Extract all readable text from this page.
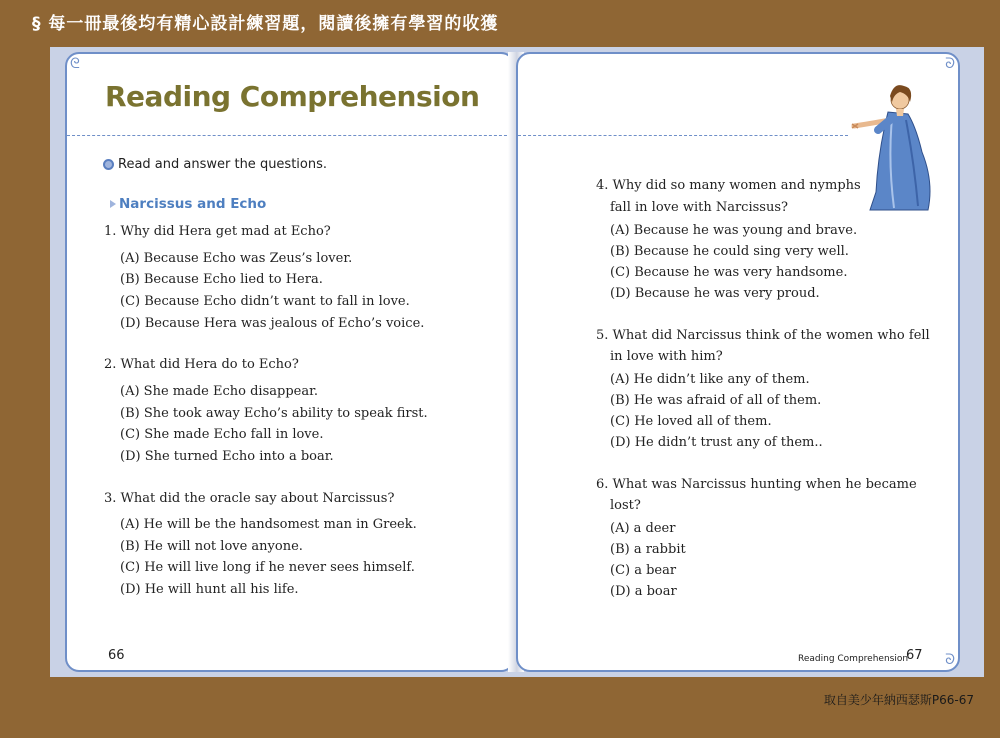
§ 每一冊最後均有精心設計練習題，閱讀後擁有學習的收獲
ᘓ
Reading Comprehension
Read and answer the questions.
Narcissus and Echo
1. Why did Hera get mad at Echo?
(A) Because Echo was Zeus’s lover.
(B) Because Echo lied to Hera.
(C) Because Echo didn’t want to fall in love.
(D) Because Hera was jealous of Echo’s voice.
2. What did Hera do to Echo?
(A) She made Echo disappear.
(B) She took away Echo’s ability to speak first.
(C) She made Echo fall in love.
(D) She turned Echo into a boar.
3. What did the oracle say about Narcissus?
(A) He will be the handsomest man in Greek.
(B) He will not love anyone.
(C) He will live long if he never sees himself.
(D) He will hunt all his life.
66
ᘐ
ᘐ
4. Why did so many women and nymphs
fall in love with Narcissus?
(A) Because he was young and brave.
(B) Because he could sing very well.
(C) Because he was very handsome.
(D) Because he was very proud.
5. What did Narcissus think of the women who fell
in love with him?
(A) He didn’t like any of them.
(B) He was afraid of all of them.
(C) He loved all of them.
(D) He didn’t trust any of them..
6. What was Narcissus hunting when he became
lost?
(A) a deer
(B) a rabbit
(C) a bear
(D) a boar
Reading Comprehension
67
取自美少年納西瑟斯P66-67
